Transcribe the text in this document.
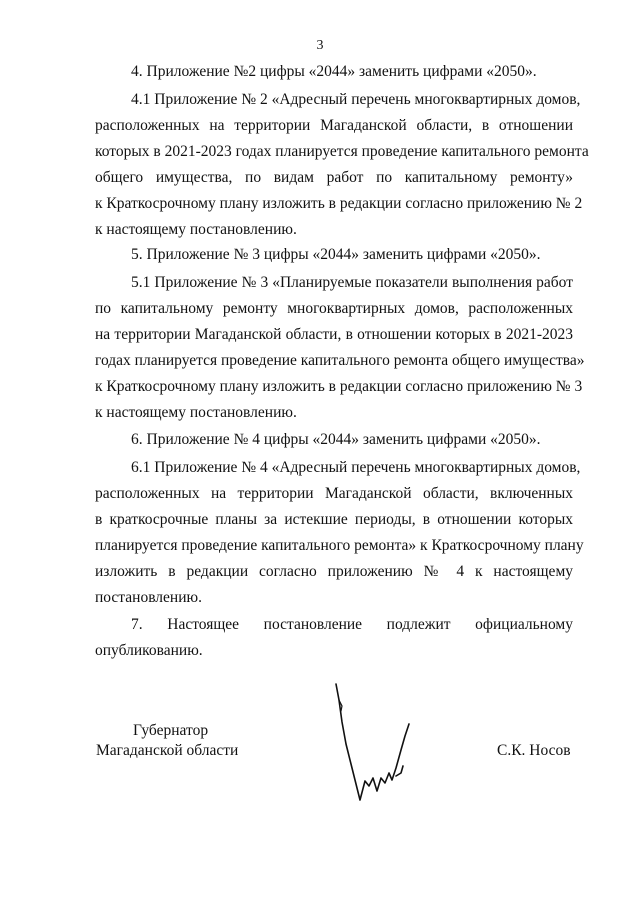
3
4. Приложение №2 цифры «2044» заменить цифрами «2050».
4.1 Приложение № 2 «Адресный перечень многоквартирных домов,
расположенных на территории Магаданской области, в отношении
которых в 2021-2023 годах планируется проведение капитального ремонта
общего имущества, по видам работ по капитальному ремонту»
к Краткосрочному плану изложить в редакции согласно приложению № 2
к настоящему постановлению.
5. Приложение № 3 цифры «2044» заменить цифрами «2050».
5.1 Приложение № 3 «Планируемые показатели выполнения работ
по капитальному ремонту многоквартирных домов, расположенных
на территории Магаданской области, в отношении которых в 2021-2023
годах планируется проведение капитального ремонта общего имущества»
к Краткосрочному плану изложить в редакции согласно приложению № 3
к настоящему постановлению.
6. Приложение № 4 цифры «2044» заменить цифрами «2050».
6.1 Приложение № 4 «Адресный перечень многоквартирных домов,
расположенных на территории Магаданской области, включенных
в краткосрочные планы за истекшие периоды, в отношении которых
планируется проведение капитального ремонта» к Краткосрочному плану
изложить в редакции согласно приложению № 4 к настоящему
постановлению.
7. Настоящее постановление подлежит официальному
опубликованию.
Губернатор
Магаданской области	С.К. Носов
